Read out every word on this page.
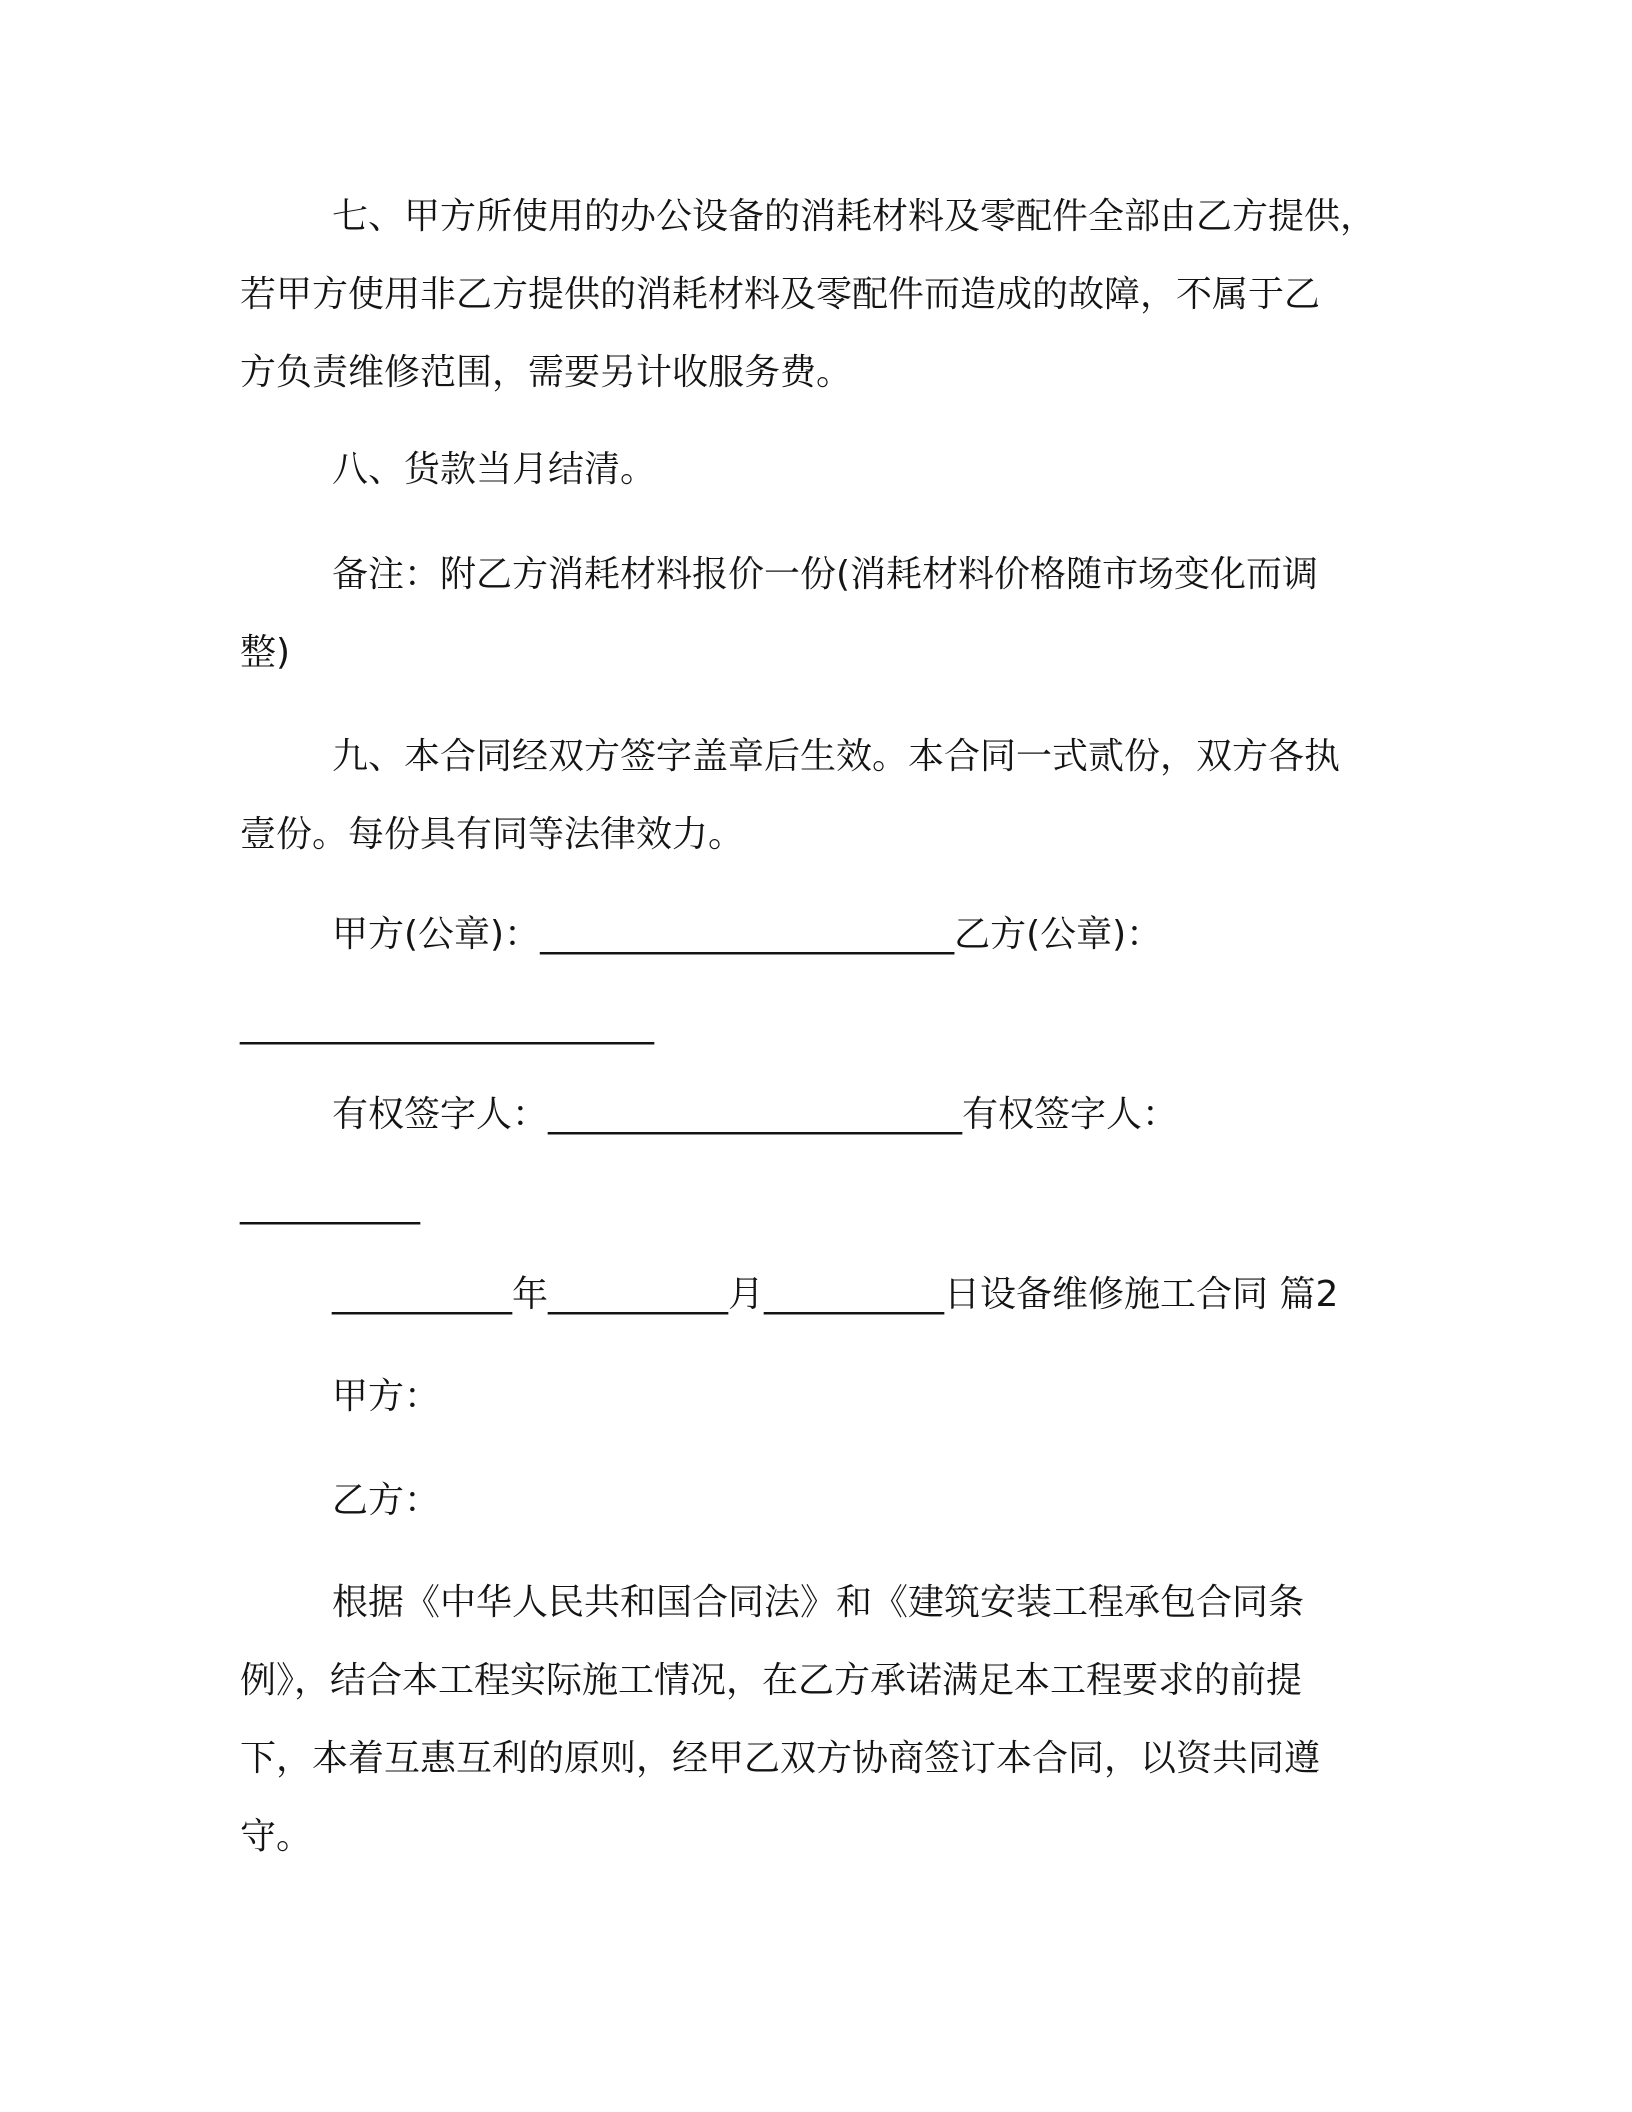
七、甲方所使用的办公设备的消耗材料及零配件全部由乙方提供，
若甲方使用非乙方提供的消耗材料及零配件而造成的故障，不属于乙
方负责维修范围，需要另计收服务费。
八、货款当月结清。
备注：附乙方消耗材料报价一份(消耗材料价格随市场变化而调
整)
九、本合同经双方签字盖章后生效。本合同一式贰份，双方各执
壹份。每份具有同等法律效力。
甲方(公章)：_______________________乙方(公章)：
_______________________
有权签字人：_______________________有权签字人：
__________
__________年__________月__________日设备维修施工合同 篇2
甲方：
乙方：
根据《中华人民共和国合同法》和《建筑安装工程承包合同条
例》，结合本工程实际施工情况，在乙方承诺满足本工程要求的前提
下，本着互惠互利的原则，经甲乙双方协商签订本合同，以资共同遵
守。
